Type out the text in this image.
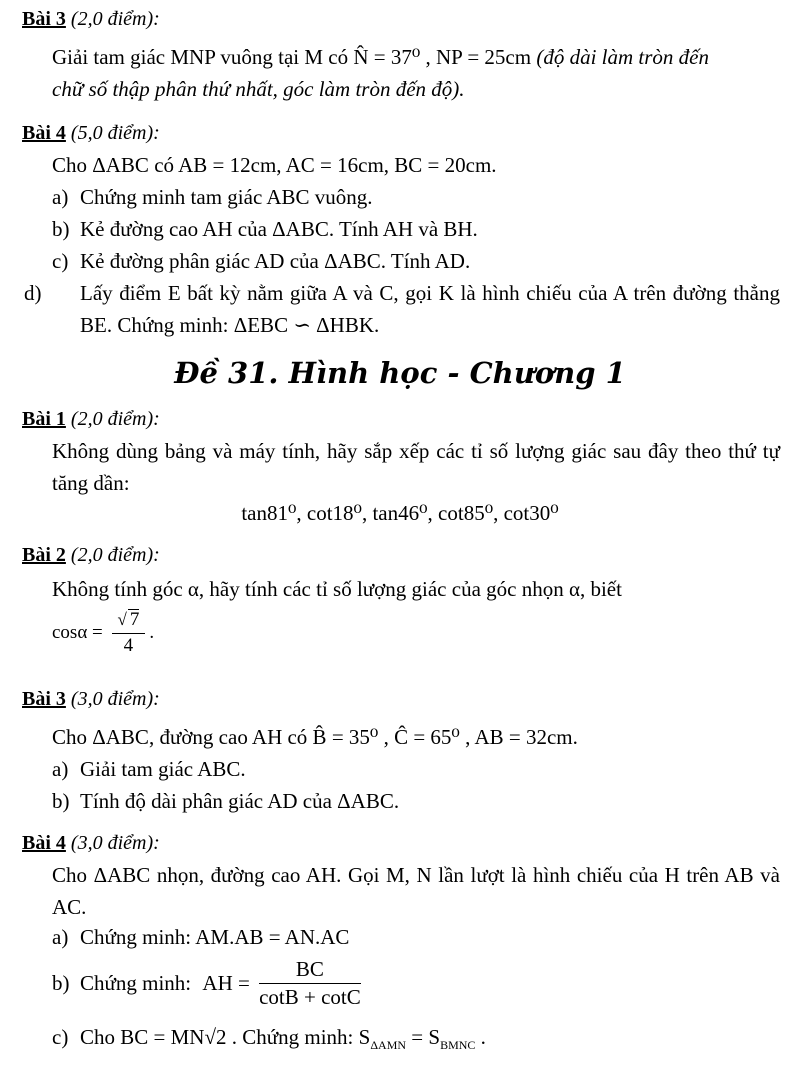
Bài 3 (2,0 điểm):
Giải tam giác MNP vuông tại M có N̂ = 37⁰ , NP = 25cm (độ dài làm tròn đến
chữ số thập phân thứ nhất, góc làm tròn đến độ).
Bài 4 (5,0 điểm):
Cho ΔABC có AB = 12cm, AC = 16cm, BC = 20cm.
a) Chứng minh tam giác ABC vuông.
b) Kẻ đường cao AH của ΔABC. Tính AH và BH.
c) Kẻ đường phân giác AD của ΔABC. Tính AD.
d) Lấy điểm E bất kỳ nằm giữa A và C, gọi K là hình chiếu của A trên đường thẳng BE. Chứng minh: ΔEBC ∽ ΔHBK.
Đề 31. Hình học - Chương 1
Bài 1 (2,0 điểm):
Không dùng bảng và máy tính, hãy sắp xếp các tỉ số lượng giác sau đây theo thứ tự tăng dần:
tan81⁰, cot18⁰, tan46⁰, cot85⁰, cot30⁰
Bài 2 (2,0 điểm):
Không tính góc α, hãy tính các tỉ số lượng giác của góc nhọn α, biết
$\cos\alpha = \frac{√ 7}{4}$ .
Bài 3 (3,0 điểm):
Cho ΔABC, đường cao AH có B̂ = 35⁰ , Ĉ = 65⁰ , AB = 32cm.
a) Giải tam giác ABC.
b) Tính độ dài phân giác AD của ΔABC.
Bài 4 (3,0 điểm):
Cho ΔABC nhọn, đường cao AH. Gọi M, N lần lượt là hình chiếu của H trên AB và AC.
a) Chứng minh: AM.AB = AN.AC
b) Chứng minh: AH = $\frac{BC}{\cot B + \cot C}$
c) Cho BC = MN√2 . Chứng minh: $S_{\Delta AMN} = S_{BMNC}$ .
